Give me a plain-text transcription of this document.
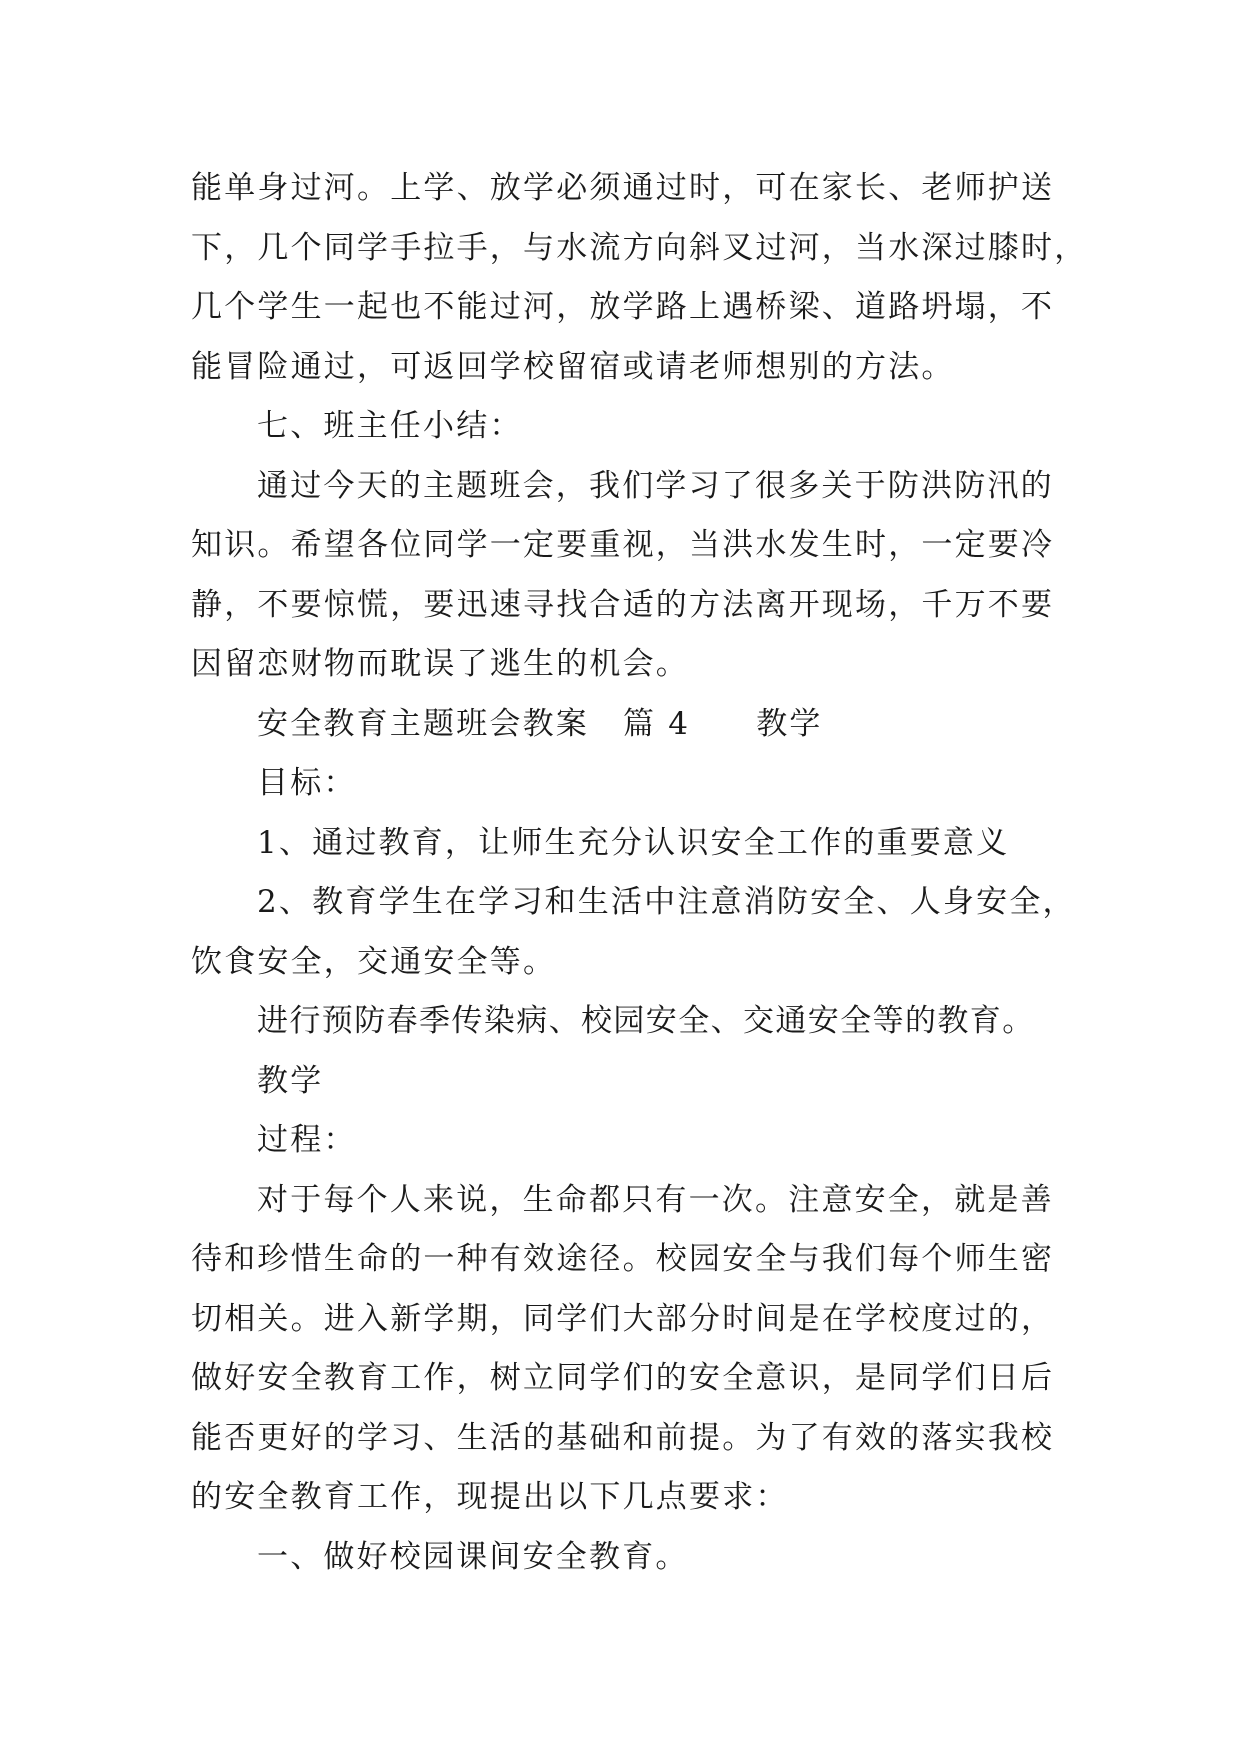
能单身过河。上学、放学必须通过时，可在家长、老师护送
下，几个同学手拉手，与水流方向斜叉过河，当水深过膝时，
几个学生一起也不能过河，放学路上遇桥梁、道路坍塌，不
能冒险通过，可返回学校留宿或请老师想别的方法。
七、班主任小结：
通过今天的主题班会，我们学习了很多关于防洪防汛的
知识。希望各位同学一定要重视，当洪水发生时，一定要冷
静，不要惊慌，要迅速寻找合适的方法离开现场，千万不要
因留恋财物而耽误了逃生的机会。
安全教育主题班会教案 篇 4 教学
目标：
1、通过教育，让师生充分认识安全工作的重要意义
2、教育学生在学习和生活中注意消防安全、人身安全，
饮食安全，交通安全等。
进行预防春季传染病、校园安全、交通安全等的教育。
教学
过程：
对于每个人来说，生命都只有一次。注意安全，就是善
待和珍惜生命的一种有效途径。校园安全与我们每个师生密
切相关。进入新学期，同学们大部分时间是在学校度过的，
做好安全教育工作，树立同学们的安全意识，是同学们日后
能否更好的学习、生活的基础和前提。为了有效的落实我校
的安全教育工作，现提出以下几点要求：
一、做好校园课间安全教育。
